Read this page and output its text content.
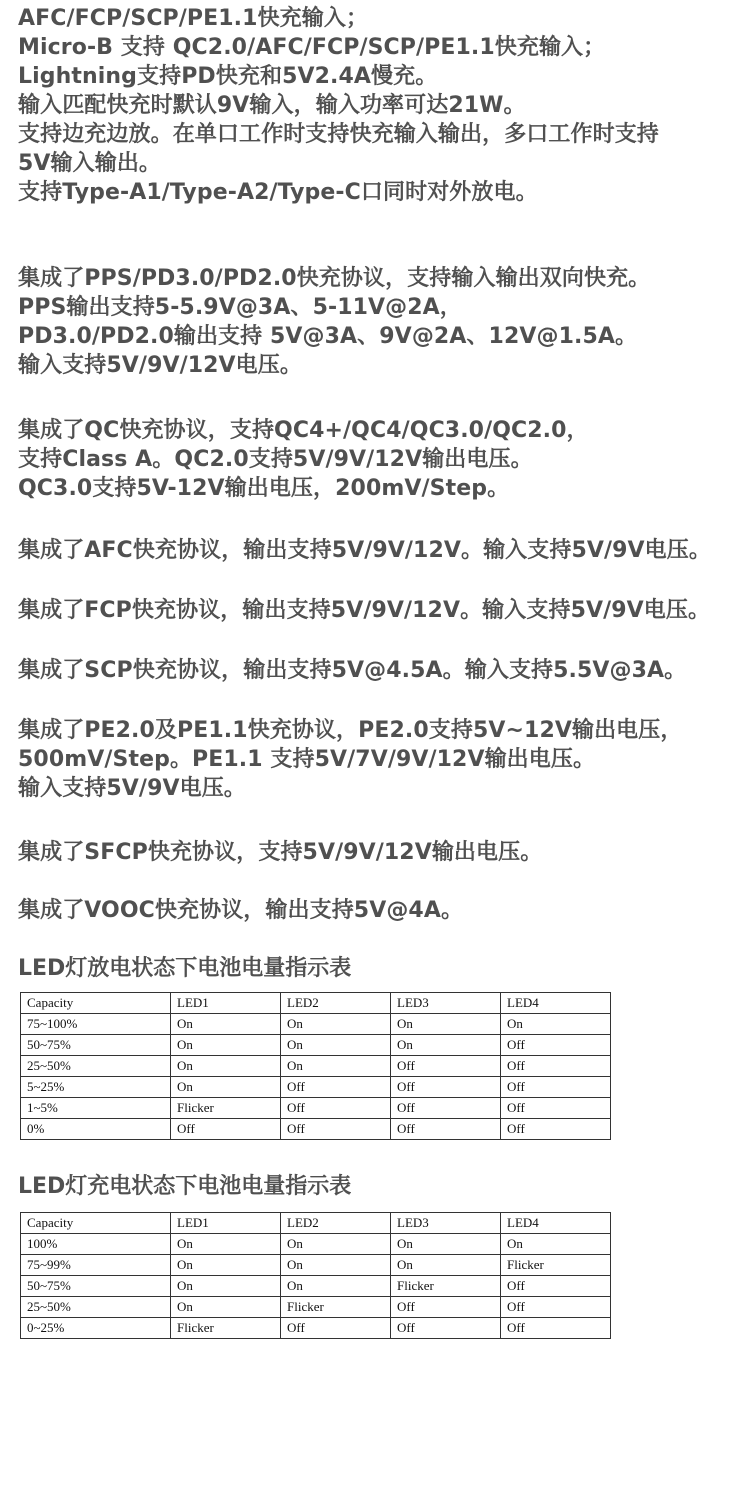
AFC/FCP/SCP/PE1.1快充输入；
Micro-B 支持 QC2.0/AFC/FCP/SCP/PE1.1快充输入；
Lightning支持PD快充和5V2.4A慢充。
输入匹配快充时默认9V输入，输入功率可达21W。
支持边充边放。在单口工作时支持快充输入输出，多口工作时支持
5V输入输出。
支持Type-A1/Type-A2/Type-C口同时对外放电。
集成了PPS/PD3.0/PD2.0快充协议，支持输入输出双向快充。
PPS输出支持5-5.9V@3A、5-11V@2A，
PD3.0/PD2.0输出支持 5V@3A、9V@2A、12V@1.5A。
输入支持5V/9V/12V电压。
集成了QC快充协议，支持QC4+/QC4/QC3.0/QC2.0，
支持Class A。QC2.0支持5V/9V/12V输出电压。
QC3.0支持5V-12V输出电压，200mV/Step。
集成了AFC快充协议，输出支持5V/9V/12V。输入支持5V/9V电压。
集成了FCP快充协议，输出支持5V/9V/12V。输入支持5V/9V电压。
集成了SCP快充协议，输出支持5V@4.5A。输入支持5.5V@3A。
集成了PE2.0及PE1.1快充协议，PE2.0支持5V~12V输出电压，
500mV/Step。PE1.1 支持5V/7V/9V/12V输出电压。
输入支持5V/9V电压。
集成了SFCP快充协议，支持5V/9V/12V输出电压。
集成了VOOC快充协议，输出支持5V@4A。
LED灯放电状态下电池电量指示表
Capacity	LED1	LED2	LED3	LED4
75~100%	On	On	On	On
50~75%	On	On	On	Off
25~50%	On	On	Off	Off
5~25%	On	Off	Off	Off
1~5%	Flicker	Off	Off	Off
0%	Off	Off	Off	Off
LED灯充电状态下电池电量指示表
Capacity	LED1	LED2	LED3	LED4
100%	On	On	On	On
75~99%	On	On	On	Flicker
50~75%	On	On	Flicker	Off
25~50%	On	Flicker	Off	Off
0~25%	Flicker	Off	Off	Off
